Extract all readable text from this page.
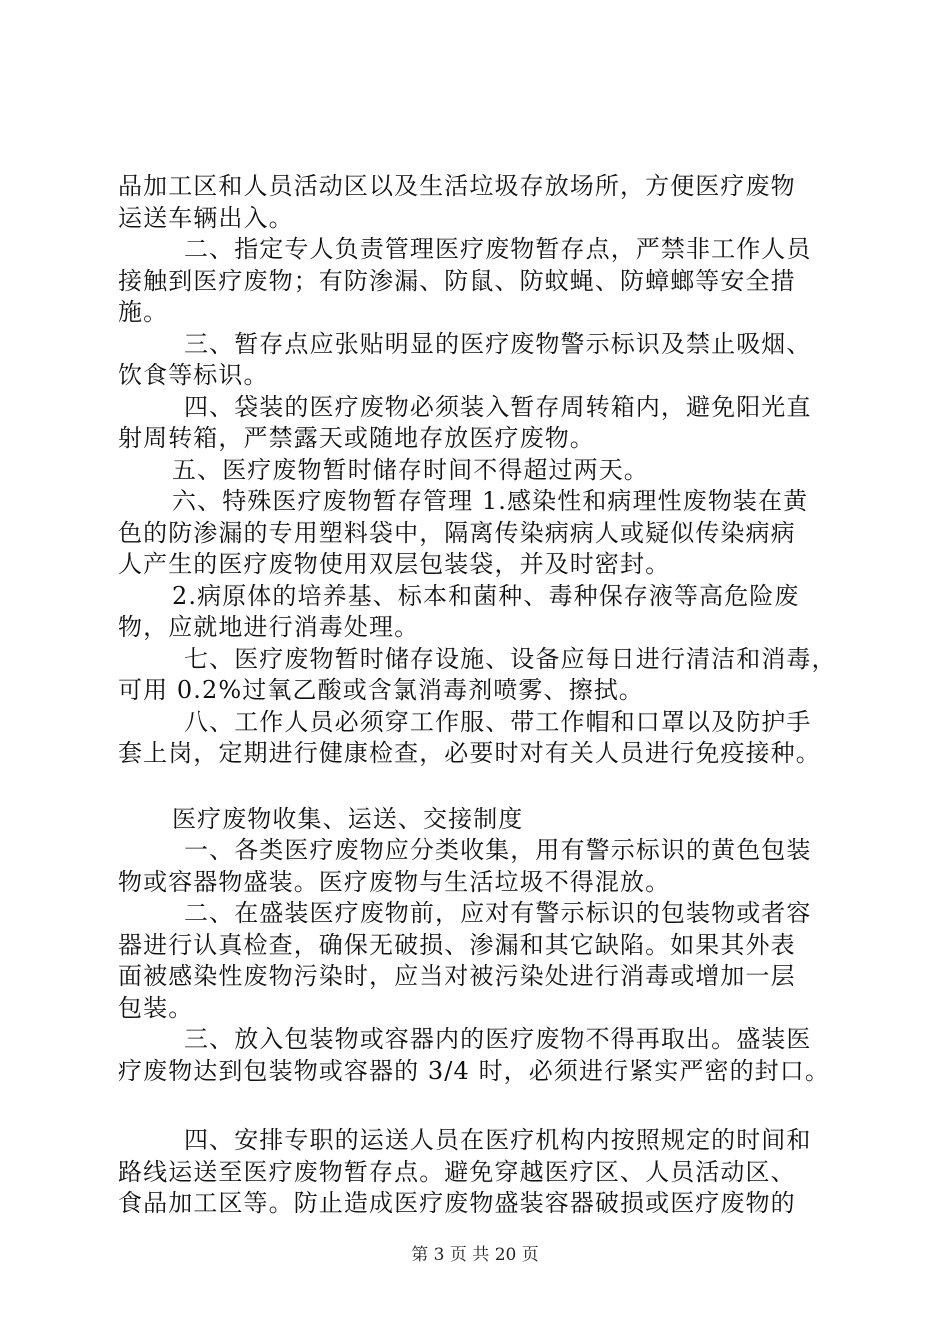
品加工区和人员活动区以及生活垃圾存放场所，方便医疗废物
运送车辆出入。
二、指定专人负责管理医疗废物暂存点，严禁非工作人员
接触到医疗废物；有防渗漏、防鼠、防蚊蝇、防蟑螂等安全措
施。
三、暂存点应张贴明显的医疗废物警示标识及禁止吸烟、
饮食等标识。
四、袋装的医疗废物必须装入暂存周转箱内，避免阳光直
射周转箱，严禁露天或随地存放医疗废物。
五、医疗废物暂时储存时间不得超过两天。
六、特殊医疗废物暂存管理 1.感染性和病理性废物装在黄
色的防渗漏的专用塑料袋中，隔离传染病病人或疑似传染病病
人产生的医疗废物使用双层包装袋，并及时密封。
2.病原体的培养基、标本和菌种、毒种保存液等高危险废
物，应就地进行消毒处理。
七、医疗废物暂时储存设施、设备应每日进行清洁和消毒，
可用 0.2%过氧乙酸或含氯消毒剂喷雾、擦拭。
八、工作人员必须穿工作服、带工作帽和口罩以及防护手
套上岗，定期进行健康检查，必要时对有关人员进行免疫接种。
医疗废物收集、运送、交接制度
一、各类医疗废物应分类收集，用有警示标识的黄色包装
物或容器物盛装。医疗废物与生活垃圾不得混放。
二、在盛装医疗废物前，应对有警示标识的包装物或者容
器进行认真检查，确保无破损、渗漏和其它缺陷。如果其外表
面被感染性废物污染时，应当对被污染处进行消毒或增加一层
包装。
三、放入包装物或容器内的医疗废物不得再取出。盛装医
疗废物达到包装物或容器的 3/4 时，必须进行紧实严密的封口。
四、安排专职的运送人员在医疗机构内按照规定的时间和
路线运送至医疗废物暂存点。避免穿越医疗区、人员活动区、
食品加工区等。防止造成医疗废物盛装容器破损或医疗废物的
第 3 页 共 20 页
